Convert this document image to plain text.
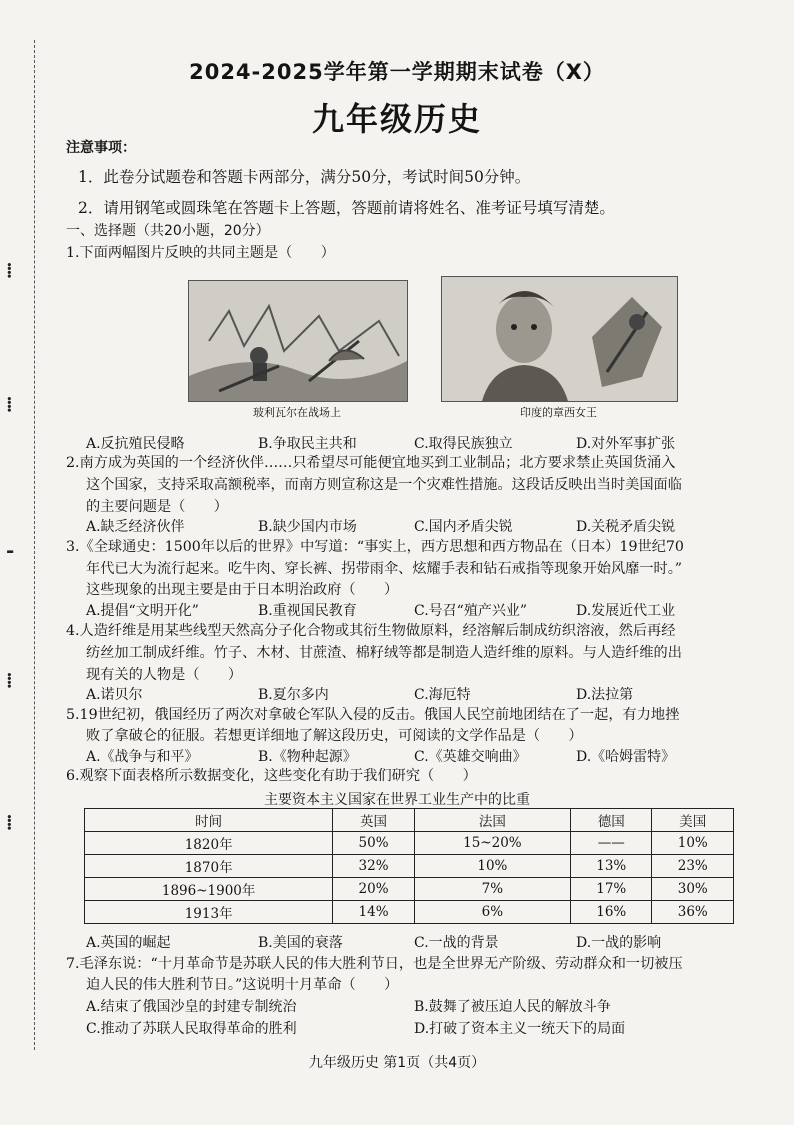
⁞
⁞
-
⁞
⁞
2024-2025学年第一学期期末试卷（X）
九年级历史
注意事项：
1．此卷分试题卷和答题卡两部分，满分50分，考试时间50分钟。
2．请用钢笔或圆珠笔在答题卡上答题，答题前请将姓名、准考证号填写清楚。
一、选择题（共20小题，20分）
1.下面两幅图片反映的共同主题是（　　）
玻利瓦尔在战场上	印度的章西女王
A.反抗殖民侵略	B.争取民主共和	C.取得民族独立	D.对外军事扩张
2.南方成为英国的一个经济伙伴……只希望尽可能便宜地买到工业制品；北方要求禁止英国货涌入
这个国家，支持采取高额税率，而南方则宣称这是一个灾难性措施。这段话反映出当时美国面临
的主要问题是（　　）
A.缺乏经济伙伴	B.缺少国内市场	C.国内矛盾尖锐	D.关税矛盾尖锐
3.《全球通史：1500年以后的世界》中写道：“事实上，西方思想和西方物品在（日本）19世纪70
年代已大为流行起来。吃牛肉、穿长裤、拐带雨伞、炫耀手表和钻石戒指等现象开始风靡一时。”
这些现象的出现主要是由于日本明治政府（　　）
A.提倡“文明开化”	B.重视国民教育	C.号召“殖产兴业”	D.发展近代工业
4.人造纤维是用某些线型天然高分子化合物或其衍生物做原料，经溶解后制成纺织溶液，然后再经
纺丝加工制成纤维。竹子、木材、甘蔗渣、棉籽绒等都是制造人造纤维的原料。与人造纤维的出
现有关的人物是（　　）
A.诺贝尔	B.夏尔多内	C.海厄特	D.法拉第
5.19世纪初，俄国经历了两次对拿破仑军队入侵的反击。俄国人民空前地团结在了一起，有力地挫
败了拿破仑的征服。若想更详细地了解这段历史，可阅读的文学作品是（　　）
A.《战争与和平》	B.《物种起源》	C.《英雄交响曲》	D.《哈姆雷特》
6.观察下面表格所示数据变化，这些变化有助于我们研究（　　）
主要资本主义国家在世界工业生产中的比重
时间	英国	法国	德国	美国
1820年	50%	15~20%	——	10%
1870年	32%	10%	13%	23%
1896~1900年	20%	7%	17%	30%
1913年	14%	6%	16%	36%
A.英国的崛起	B.美国的衰落	C.一战的背景	D.一战的影响
7.毛泽东说：“十月革命节是苏联人民的伟大胜利节日，也是全世界无产阶级、劳动群众和一切被压
迫人民的伟大胜利节日。”这说明十月革命（　　）
A.结束了俄国沙皇的封建专制统治	B.鼓舞了被压迫人民的解放斗争
C.推动了苏联人民取得革命的胜利	D.打破了资本主义一统天下的局面
九年级历史 第1页（共4页）
